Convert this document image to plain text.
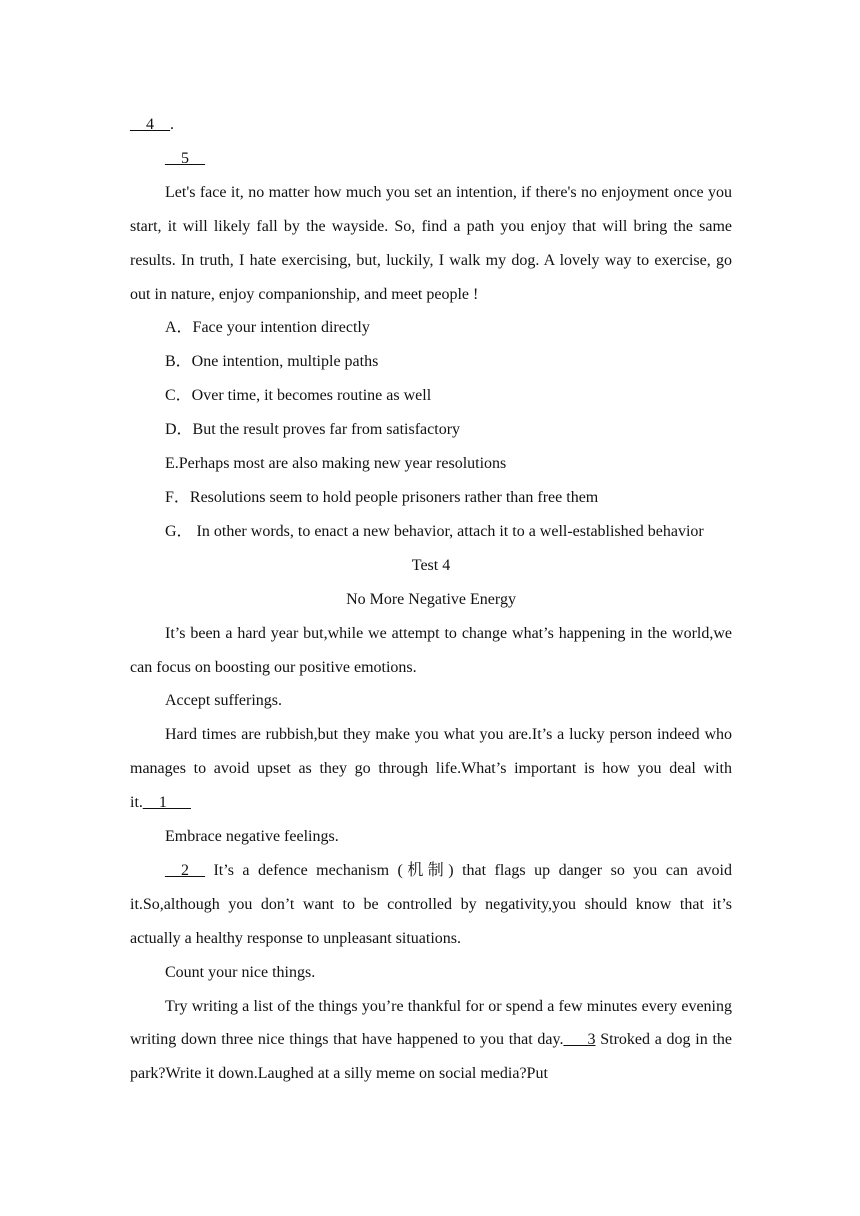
__4__.

__5__

Let's face it, no matter how much you set an intention, if there's no enjoyment once you start, it will likely fall by the wayside. So, find a path you enjoy that will bring the same results. In truth, I hate exercising, but, luckily, I walk my dog. A lovely way to exercise, go out in nature, enjoy companionship, and meet people !

A．Face your intention directly

B．One intention, multiple paths

C．Over time, it becomes routine as well

D．But the result proves far from satisfactory

E.Perhaps most are also making new year resolutions

F．Resolutions seem to hold people prisoners rather than free them

G． In other words, to enact a new behavior, attach it to a well-established behavior

Test 4

No More Negative Energy

It’s been a hard year but,while we attempt to change what’s happening in the world,we can focus on boosting our positive emotions.

Accept sufferings.

Hard times are rubbish,but they make you what you are.It’s a lucky person indeed who manages to avoid upset as they go through life.What’s important is how you deal with it.__1___

Embrace negative feelings.

__2__ It’s a defence mechanism (机制) that flags up danger so you can avoid it.So,although you don’t want to be controlled by negativity,you should know that it’s actually a healthy response to unpleasant situations.

Count your nice things.

Try writing a list of the things you’re thankful for or spend a few minutes every evening writing down three nice things that have happened to you that day.___3 Stroked a dog in the park?Write it down.Laughed at a silly meme on social media?Put
